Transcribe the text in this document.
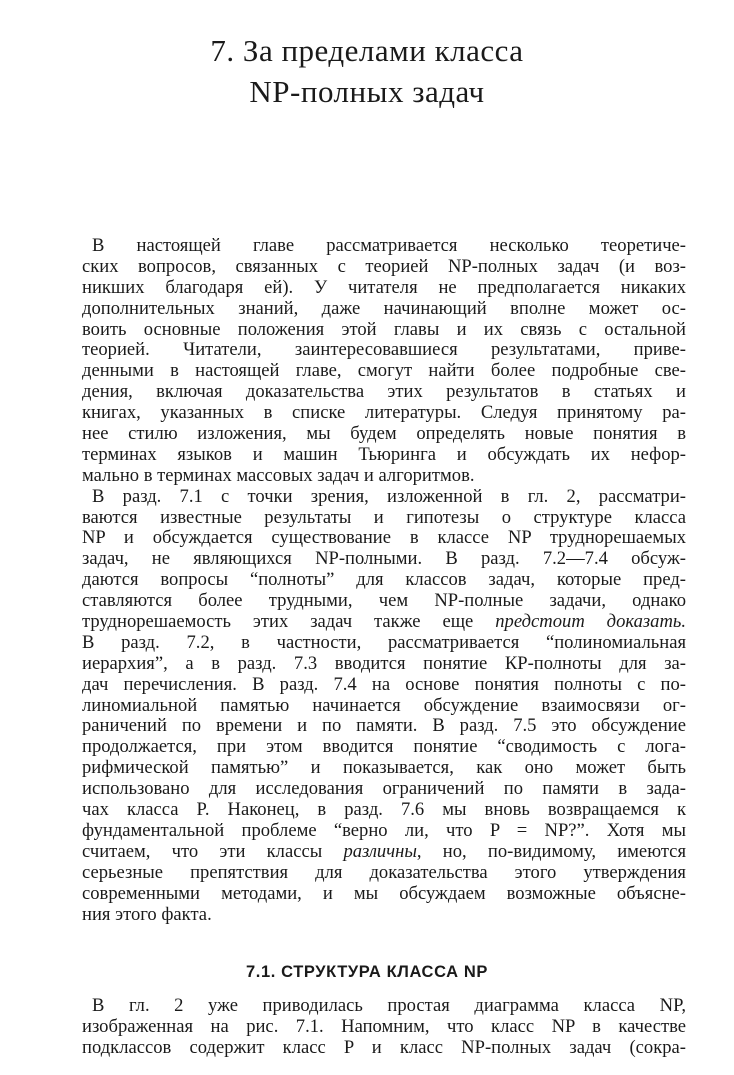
7. За пределами класса
NP-полных задач
В настоящей главе рассматривается несколько теоретиче-
ских вопросов, связанных с теорией NP-полных задач (и воз-
никших благодаря ей). У читателя не предполагается никаких
дополнительных знаний, даже начинающий вполне может ос-
воить основные положения этой главы и их связь с остальной
теорией. Читатели, заинтересовавшиеся результатами, приве-
денными в настоящей главе, смогут найти более подробные све-
дения, включая доказательства этих результатов в статьях и
книгах, указанных в списке литературы. Следуя принятому ра-
нее стилю изложения, мы будем определять новые понятия в
терминах языков и машин Тьюринга и обсуждать их нефор-
мально в терминах массовых задач и алгоритмов.
В разд. 7.1 с точки зрения, изложенной в гл. 2, рассматри-
ваются известные результаты и гипотезы о структуре класса
NP и обсуждается существование в классе NP труднорешаемых
задач, не являющихся NP-полными. В разд. 7.2—7.4 обсуж-
даются вопросы “полноты” для классов задач, которые пред-
ставляются более трудными, чем NP-полные задачи, однако
труднорешаемость этих задач также еще предстоит доказать.
В разд. 7.2, в частности, рассматривается “полиномиальная
иерархия”, а в разд. 7.3 вводится понятие КР-полноты для за-
дач перечисления. В разд. 7.4 на основе понятия полноты с по-
линомиальной памятью начинается обсуждение взаимосвязи ог-
раничений по времени и по памяти. В разд. 7.5 это обсуждение
продолжается, при этом вводится понятие “сводимость с лога-
рифмической памятью” и показывается, как оно может быть
использовано для исследования ограничений по памяти в зада-
чах класса P. Наконец, в разд. 7.6 мы вновь возвращаемся к
фундаментальной проблеме “верно ли, что P = NP?”. Хотя мы
считаем, что эти классы различны, но, по-видимому, имеются
серьезные препятствия для доказательства этого утверждения
современными методами, и мы обсуждаем возможные объясне-
ния этого факта.
7.1. СТРУКТУРА КЛАССА NP
В гл. 2 уже приводилась простая диаграмма класса NP,
изображенная на рис. 7.1. Напомним, что класс NP в качестве
подклассов содержит класс P и класс NP-полных задач (сокра-
